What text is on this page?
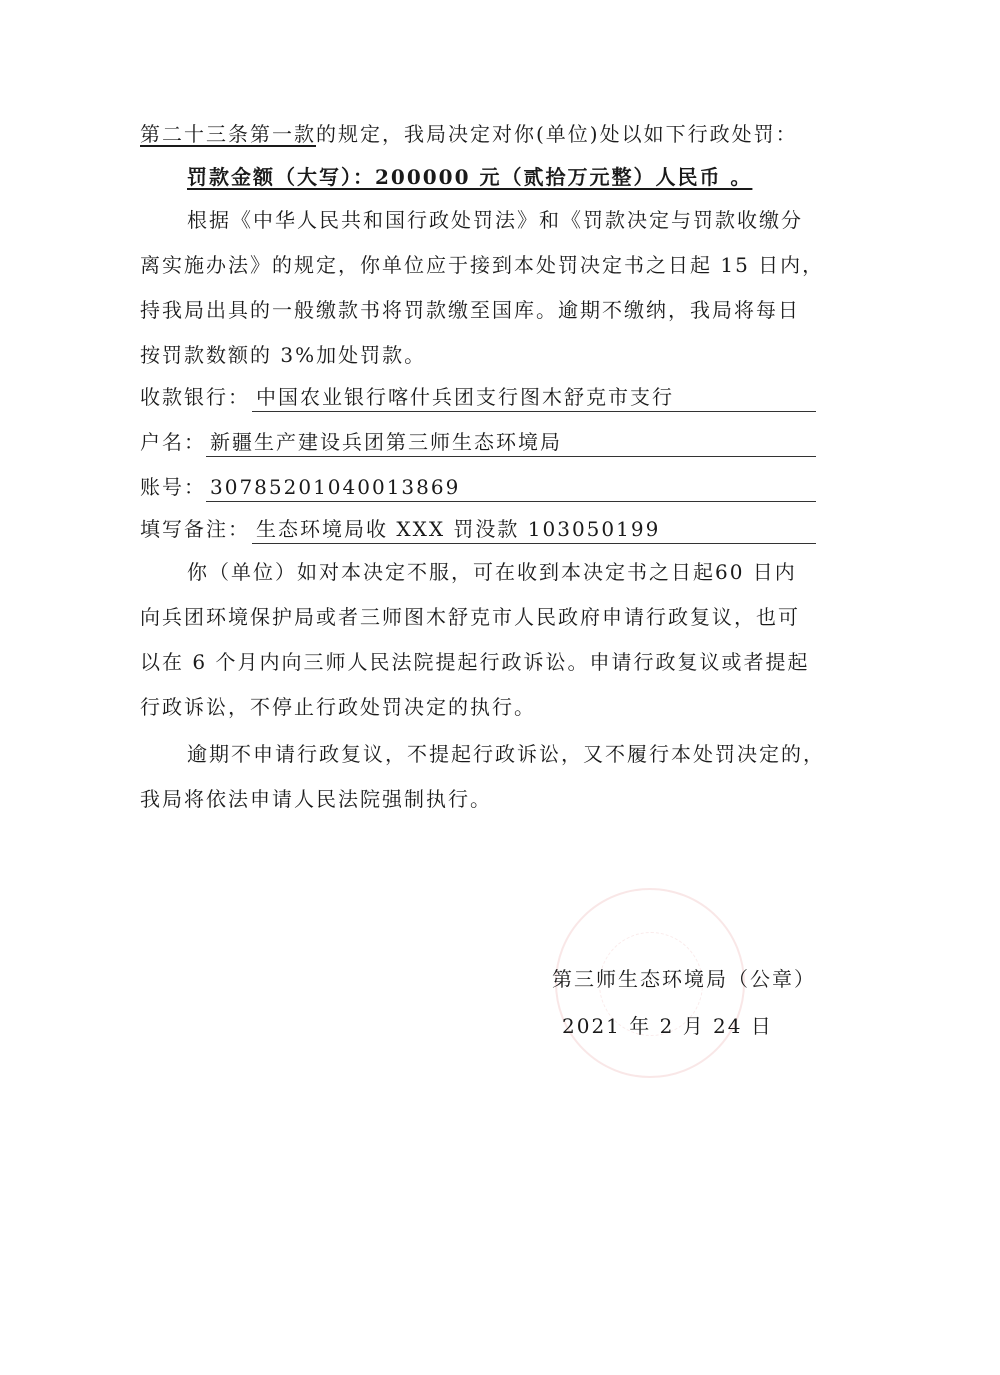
第二十三条第一款的规定，我局决定对你(单位)处以如下行政处罚：
罚款金额（大写）：200000 元（贰拾万元整）人民币 。
根据《中华人民共和国行政处罚法》和《罚款决定与罚款收缴分
离实施办法》的规定，你单位应于接到本处罚决定书之日起 15 日内，
持我局出具的一般缴款书将罚款缴至国库。逾期不缴纳，我局将每日
按罚款数额的 3%加处罚款。
收款银行： 中国农业银行喀什兵团支行图木舒克市支行
户名： 新疆生产建设兵团第三师生态环境局
账号： 30785201040013869
填写备注： 生态环境局收 XXX 罚没款 103050199
你（单位）如对本决定不服，可在收到本决定书之日起60 日内
向兵团环境保护局或者三师图木舒克市人民政府申请行政复议，也可
以在 6 个月内向三师人民法院提起行政诉讼。申请行政复议或者提起
行政诉讼，不停止行政处罚决定的执行。
逾期不申请行政复议，不提起行政诉讼，又不履行本处罚决定的，
我局将依法申请人民法院强制执行。
第三师生态环境局（公章）
2021 年 2 月 24 日
